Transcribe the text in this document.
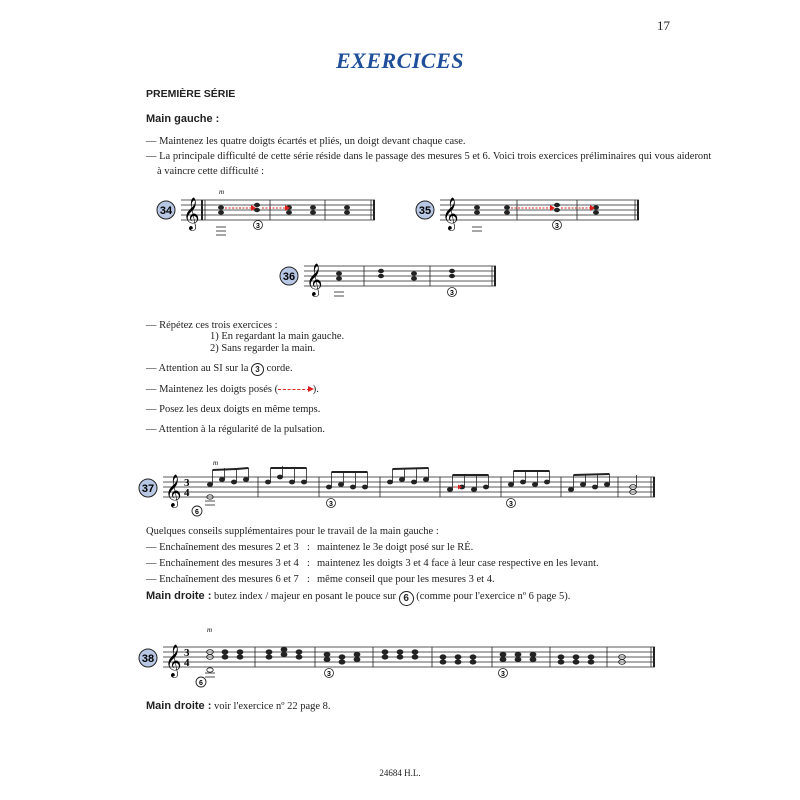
17
EXERCICES
PREMIÈRE SÉRIE
Main gauche :
— Maintenez les quatre doigts écartés et pliés, un doigt devant chaque case.
— La principale difficulté de cette série réside dans le passage des mesures 5 et 6. Voici trois exercices préliminaires qui vous aideront
à vaincre cette difficulté :
34 𝄞
m
3
35 𝄞	3
36 𝄞	3
— Répétez ces trois exercices :
1) En regardant la main gauche.
2) Sans regarder la main.
— Attention au SI sur la 3 corde.
— Maintenez les doigts posés (	).
— Posez les deux doigts en même temps.
— Attention à la régularité de la pulsation.
37 𝄞 3
4
m
6
3	3
Quelques conseils supplémentaires pour le travail de la main gauche :
— Enchaînement des mesures 2 et 3 : maintenez le 3e doigt posé sur le RÉ.
— Enchaînement des mesures 3 et 4 : maintenez les doigts 3 et 4 face à leur case respective en les levant.
— Enchaînement des mesures 6 et 7 : même conseil que pour les mesures 3 et 4.
Main droite : butez index / majeur en posant le pouce sur 6 (comme pour l'exercice nº 6 page 5).
38 𝄞 3
4
m
6
3	3
Main droite : voir l'exercice nº 22 page 8.
24684 H.L.
